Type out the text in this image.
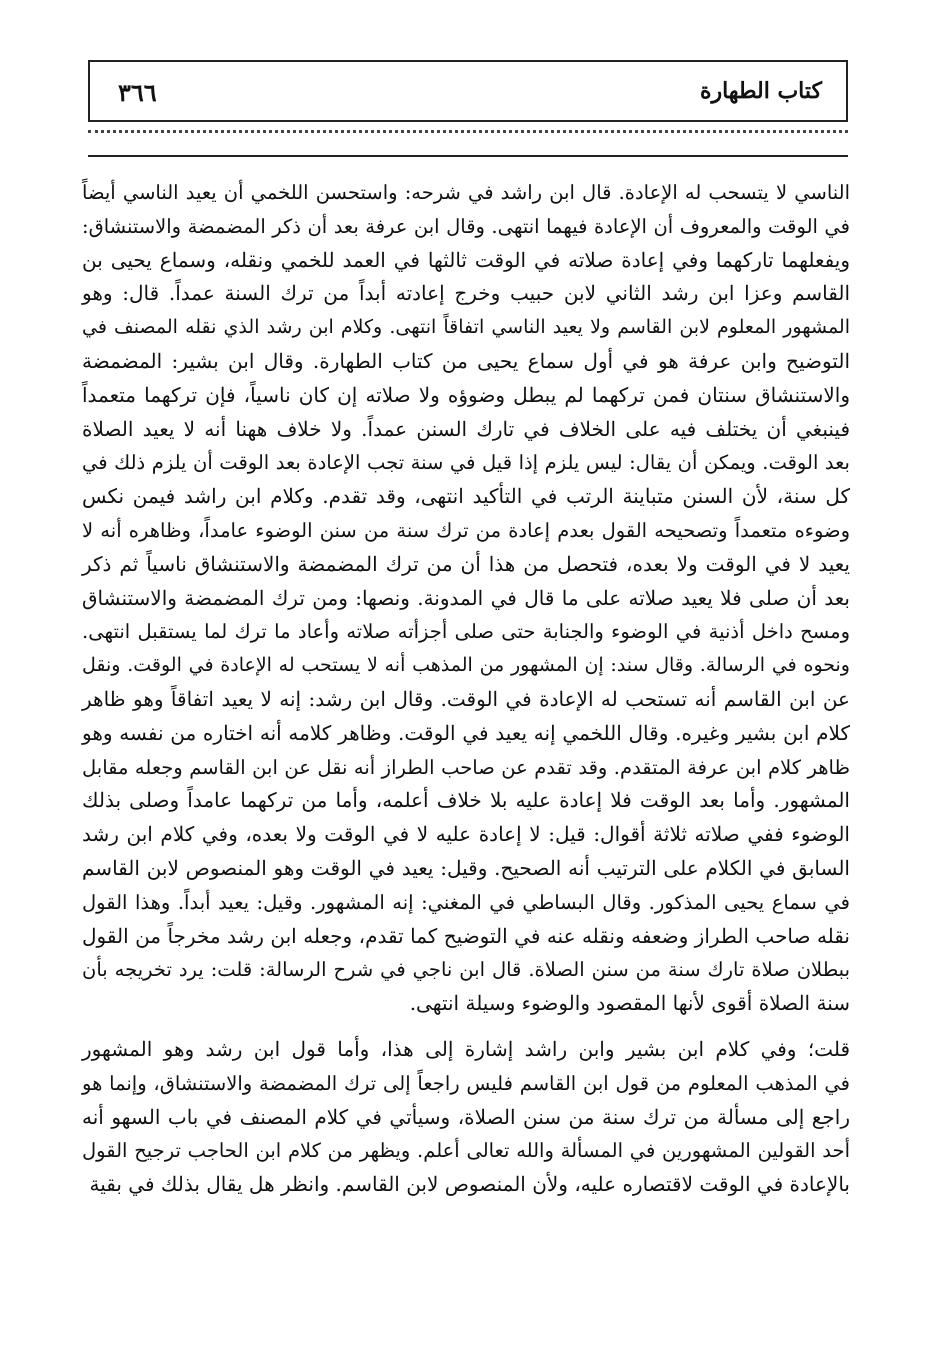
٣٦٦	كتاب الطهارة
الناسي لا يتسحب له الإعادة. قال ابن راشد في شرحه: واستحسن اللخمي أن يعيد الناسي أيضاً
في الوقت والمعروف أن الإعادة فيهما انتهى. وقال ابن عرفة بعد أن ذكر المضمضة والاستنشاق:
ويفعلهما تاركهما وفي إعادة صلاته في الوقت ثالثها في العمد للخمي ونقله، وسماع يحيى بن
القاسم وعزا ابن رشد الثاني لابن حبيب وخرج إعادته أبداً من ترك السنة عمداً. قال: وهو
المشهور المعلوم لابن القاسم ولا يعيد الناسي اتفاقاً انتهى. وكلام ابن رشد الذي نقله المصنف في
التوضيح وابن عرفة هو في أول سماع يحيى من كتاب الطهارة. وقال ابن بشير: المضمضة
والاستنشاق سنتان فمن تركهما لم يبطل وضوؤه ولا صلاته إن كان ناسياً، فإن تركهما متعمداً
فينبغي أن يختلف فيه على الخلاف في تارك السنن عمداً. ولا خلاف ههنا أنه لا يعيد الصلاة
بعد الوقت. ويمكن أن يقال: ليس يلزم إذا قيل في سنة تجب الإعادة بعد الوقت أن يلزم ذلك في
كل سنة، لأن السنن متباينة الرتب في التأكيد انتهى، وقد تقدم. وكلام ابن راشد فيمن نكس
وضوءه متعمداً وتصحيحه القول بعدم إعادة من ترك سنة من سنن الوضوء عامداً، وظاهره أنه لا
يعيد لا في الوقت ولا بعده، فتحصل من هذا أن من ترك المضمضة والاستنشاق ناسياً ثم ذكر
بعد أن صلى فلا يعيد صلاته على ما قال في المدونة. ونصها: ومن ترك المضمضة والاستنشاق
ومسح داخل أذنية في الوضوء والجنابة حتى صلى أجزأته صلاته وأعاد ما ترك لما يستقبل انتهى.
ونحوه في الرسالة. وقال سند: إن المشهور من المذهب أنه لا يستحب له الإعادة في الوقت. ونقل
عن ابن القاسم أنه تستحب له الإعادة في الوقت. وقال ابن رشد: إنه لا يعيد اتفاقاً وهو ظاهر
كلام ابن بشير وغيره. وقال اللخمي إنه يعيد في الوقت. وظاهر كلامه أنه اختاره من نفسه وهو
ظاهر كلام ابن عرفة المتقدم. وقد تقدم عن صاحب الطراز أنه نقل عن ابن القاسم وجعله مقابل
المشهور. وأما بعد الوقت فلا إعادة عليه بلا خلاف أعلمه، وأما من تركهما عامداً وصلى بذلك
الوضوء ففي صلاته ثلاثة أقوال: قيل: لا إعادة عليه لا في الوقت ولا بعده، وفي كلام ابن رشد
السابق في الكلام على الترتيب أنه الصحيح. وقيل: يعيد في الوقت وهو المنصوص لابن القاسم
في سماع يحيى المذكور. وقال البساطي في المغني: إنه المشهور. وقيل: يعيد أبداً. وهذا القول
نقله صاحب الطراز وضعفه ونقله عنه في التوضيح كما تقدم، وجعله ابن رشد مخرجاً من القول
ببطلان صلاة تارك سنة من سنن الصلاة. قال ابن ناجي في شرح الرسالة: قلت: يرد تخريجه بأن
سنة الصلاة أقوى لأنها المقصود والوضوء وسيلة انتهى.
قلت؛ وفي كلام ابن بشير وابن راشد إشارة إلى هذا، وأما قول ابن رشد وهو المشهور
في المذهب المعلوم من قول ابن القاسم فليس راجعاً إلى ترك المضمضة والاستنشاق، وإنما هو
راجع إلى مسألة من ترك سنة من سنن الصلاة، وسيأتي في كلام المصنف في باب السهو أنه
أحد القولين المشهورين في المسألة والله تعالى أعلم. ويظهر من كلام ابن الحاجب ترجيح القول
بالإعادة في الوقت لاقتصاره عليه، ولأن المنصوص لابن القاسم. وانظر هل يقال بذلك في بقية
